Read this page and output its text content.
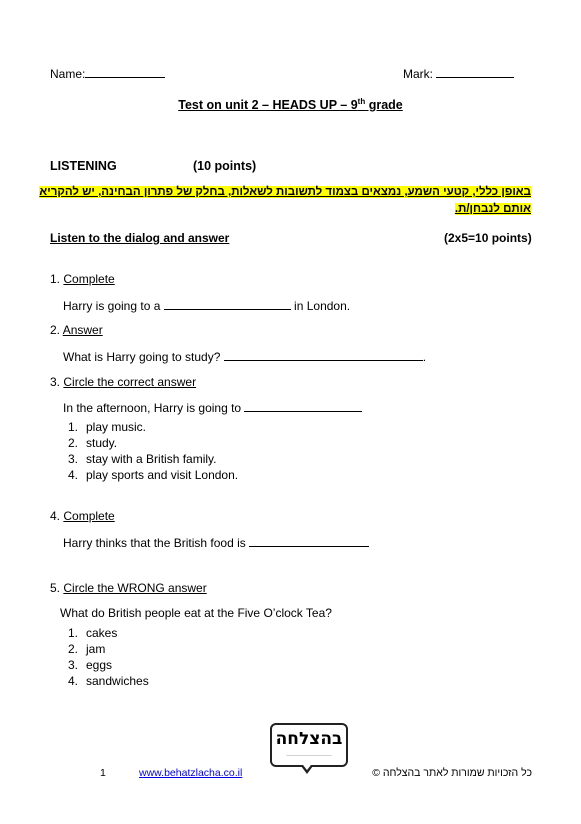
Name:	Mark:
Test on unit 2 – HEADS UP – 9th grade
LISTENING	(10 points)
באופן כללי, קטעי השמע, נמצאים בצמוד לתשובות לשאלות, בחלק של פתרון הבחינה, יש להקריא
אותם לנבחן/ת.
Listen to the dialog and answer	(2x5=10 points)
1. Complete
Harry is going to a	in London.
2. Answer
What is Harry going to study?	.
3. Circle the correct answer
In the afternoon, Harry is going to
1. play music.
2. study.
3. stay with a British family.
4. play sports and visit London.
4. Complete
Harry thinks that the British food is
5. Circle the WRONG answer
What do British people eat at the Five O’clock Tea?
1. cakes
2. jam
3. eggs
4. sandwiches
בהצלחה
────────────────
1	www.behatzlacha.co.il	כל הזכויות שמורות לאתר בהצלחה ©
